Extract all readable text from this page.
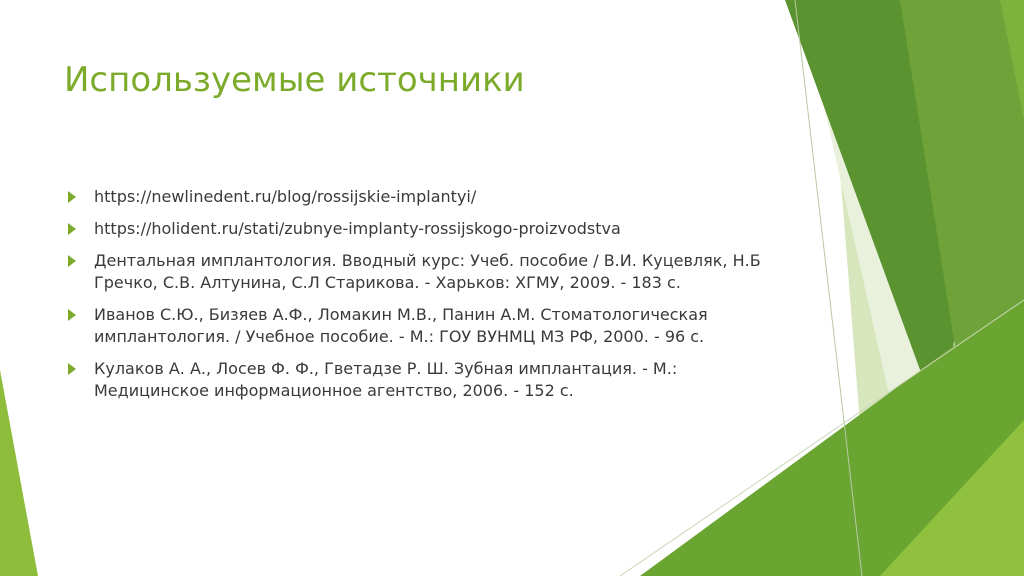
Используемые источники
https://newlinedent.ru/blog/rossijskie-implantyi/
https://holident.ru/stati/zubnye-implanty-rossijskogo-proizvodstva
Дентальная имплантология. Вводный курс: Учеб. пособие / В.И. Куцевляк, Н.Б Гречко, С.В. Алтунина, С.Л Старикова. - Харьков: ХГМУ, 2009. - 183 с.
Иванов С.Ю., Бизяев А.Ф., Ломакин М.В., Панин А.М. Стоматологическая имплантология. / Учебное пособие. - М.: ГОУ ВУНМЦ МЗ РФ, 2000. - 96 с.
Кулаков А. А., Лосев Ф. Ф., Гветадзе Р. Ш. Зубная имплантация. - М.: Медицинское информационное агентство, 2006. - 152 с.
